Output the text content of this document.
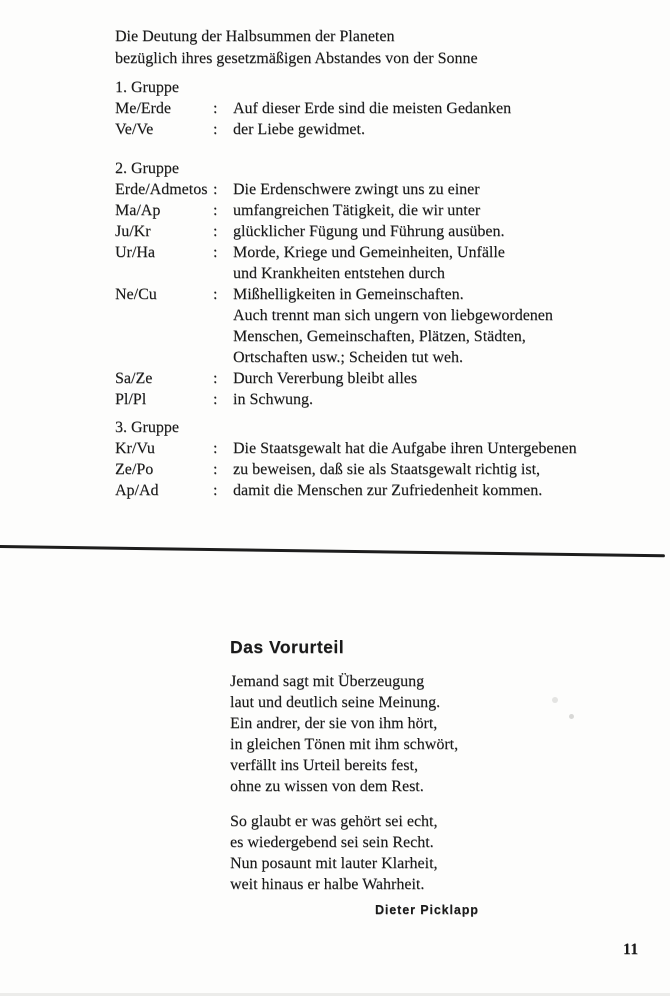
Die Deutung der Halbsummen der Planeten
bezüglich ihres gesetzmäßigen Abstandes von der Sonne
1. Gruppe
Me/Erde	: Auf dieser Erde sind die meisten Gedanken
Ve/Ve	: der Liebe gewidmet.
2. Gruppe
Erde/Admetos : Die Erdenschwere zwingt uns zu einer
Ma/Ap	: umfangreichen Tätigkeit, die wir unter
Ju/Kr	: glücklicher Fügung und Führung ausüben.
Ur/Ha	: Morde, Kriege und Gemeinheiten, Unfälle
und Krankheiten entstehen durch
Ne/Cu	: Mißhelligkeiten in Gemeinschaften.
Auch trennt man sich ungern von liebgewordenen
Menschen, Gemeinschaften, Plätzen, Städten,
Ortschaften usw.; Scheiden tut weh.
Sa/Ze	: Durch Vererbung bleibt alles
Pl/Pl	: in Schwung.
3. Gruppe
Kr/Vu	: Die Staatsgewalt hat die Aufgabe ihren Untergebenen
Ze/Po	: zu beweisen, daß sie als Staatsgewalt richtig ist,
Ap/Ad	: damit die Menschen zur Zufriedenheit kommen.
Das Vorurteil
Jemand sagt mit Überzeugung
laut und deutlich seine Meinung.
Ein andrer, der sie von ihm hört,
in gleichen Tönen mit ihm schwört,
verfällt ins Urteil bereits fest,
ohne zu wissen von dem Rest.
So glaubt er was gehört sei echt,
es wiedergebend sei sein Recht.
Nun posaunt mit lauter Klarheit,
weit hinaus er halbe Wahrheit.
Dieter Picklapp
11
